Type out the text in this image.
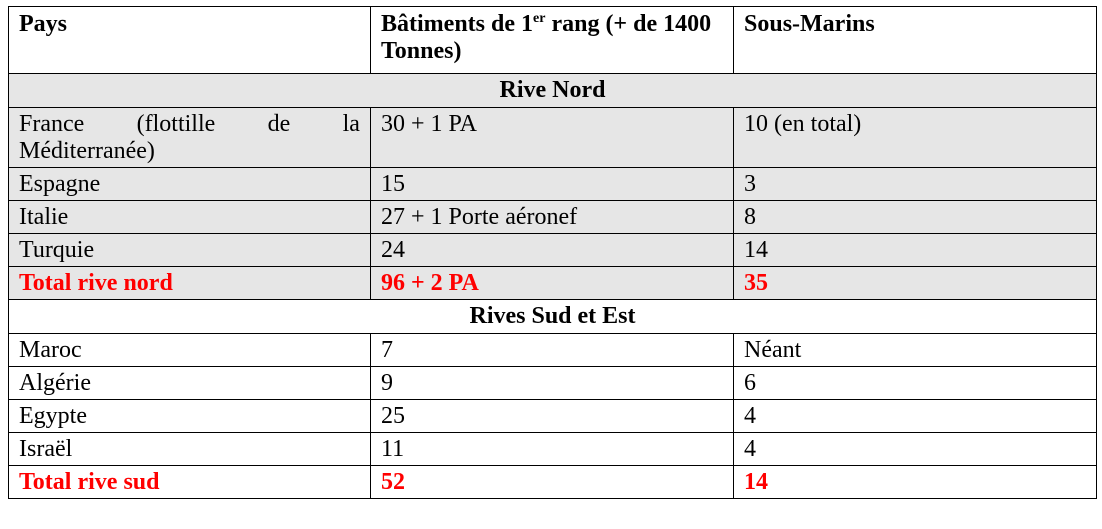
Pays	Bâtiments de 1er rang (+ de 1400 Tonnes)	Sous-Marins
Rive Nord		

France (flottille de la
Méditerranée)	30 + 1 PA	10 (en total)
Espagne	15	3
Italie	27 + 1 Porte aéronef	8
Turquie	24	14
Total rive nord	96 + 2 PA	35
Rives Sud et Est		
Maroc	7	Néant
Algérie	9	6
Egypte	25	4
Israël	11	4
Total rive sud	52	14
